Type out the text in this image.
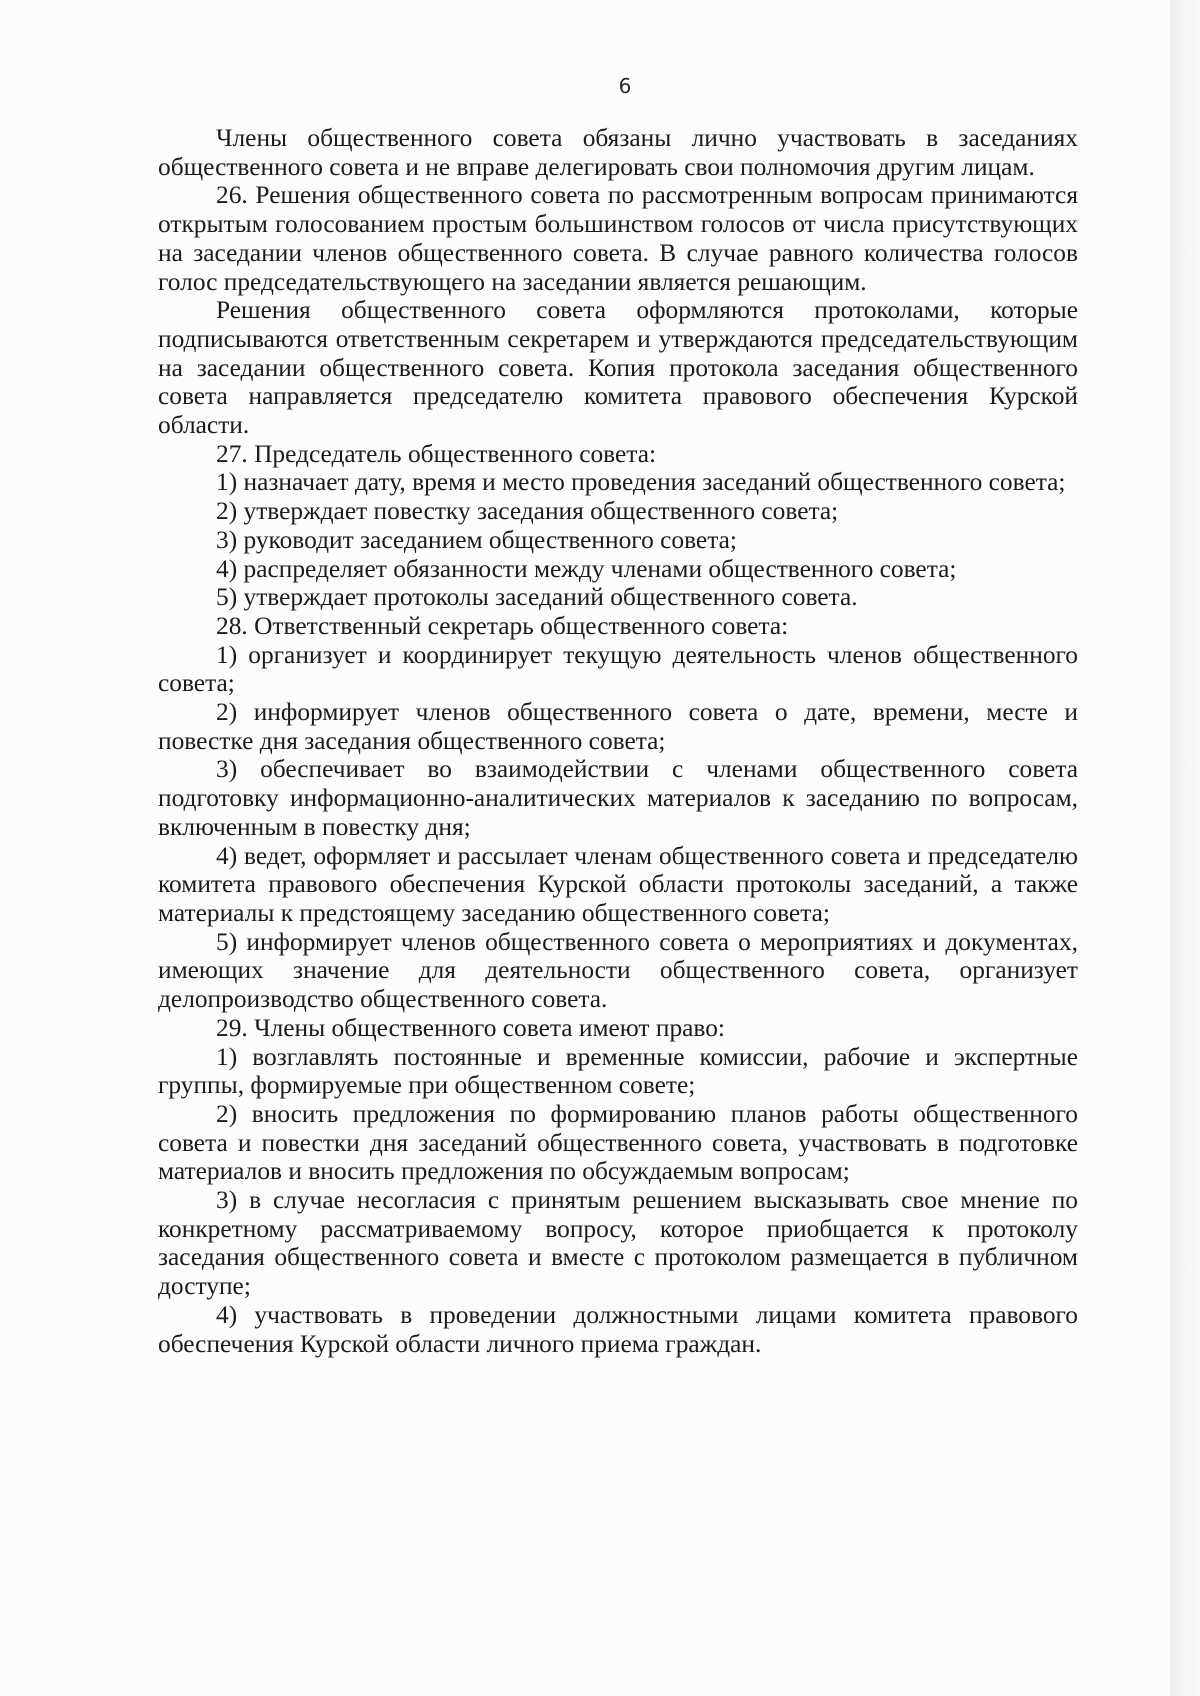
6

Члены общественного совета обязаны лично участвовать в заседаниях общественного совета и не вправе делегировать свои полномочия другим лицам.

26. Решения общественного совета по рассмотренным вопросам принимаются открытым голосованием простым большинством голосов от числа присутствующих на заседании членов общественного совета. В случае равного количества голосов голос председательствующего на заседании является решающим.

Решения общественного совета оформляются протоколами, которые подписываются ответственным секретарем и утверждаются председательствующим на заседании общественного совета. Копия протокола заседания общественного совета направляется председателю комитета правового обеспечения Курской области.

27. Председатель общественного совета:

1) назначает дату, время и место проведения заседаний общественного совета;

2) утверждает повестку заседания общественного совета;

3) руководит заседанием общественного совета;

4) распределяет обязанности между членами общественного совета;

5) утверждает протоколы заседаний общественного совета.

28. Ответственный секретарь общественного совета:

1) организует и координирует текущую деятельность членов общественного совета;

2) информирует членов общественного совета о дате, времени, месте и повестке дня заседания общественного совета;

3) обеспечивает во взаимодействии с членами общественного совета подготовку информационно-аналитических материалов к заседанию по вопросам, включенным в повестку дня;

4) ведет, оформляет и рассылает членам общественного совета и председателю комитета правового обеспечения Курской области протоколы заседаний, а также материалы к предстоящему заседанию общественного совета;

5) информирует членов общественного совета о мероприятиях и документах, имеющих значение для деятельности общественного совета, организует делопроизводство общественного совета.

29. Члены общественного совета имеют право:

1) возглавлять постоянные и временные комиссии, рабочие и экспертные группы, формируемые при общественном совете;

2) вносить предложения по формированию планов работы общественного совета и повестки дня заседаний общественного совета, участвовать в подготовке материалов и вносить предложения по обсуждаемым вопросам;

3) в случае несогласия с принятым решением высказывать свое мнение по конкретному рассматриваемому вопросу, которое приобщается к протоколу заседания общественного совета и вместе с протоколом размещается в публичном доступе;

4) участвовать в проведении должностными лицами комитета правового обеспечения Курской области личного приема граждан.
